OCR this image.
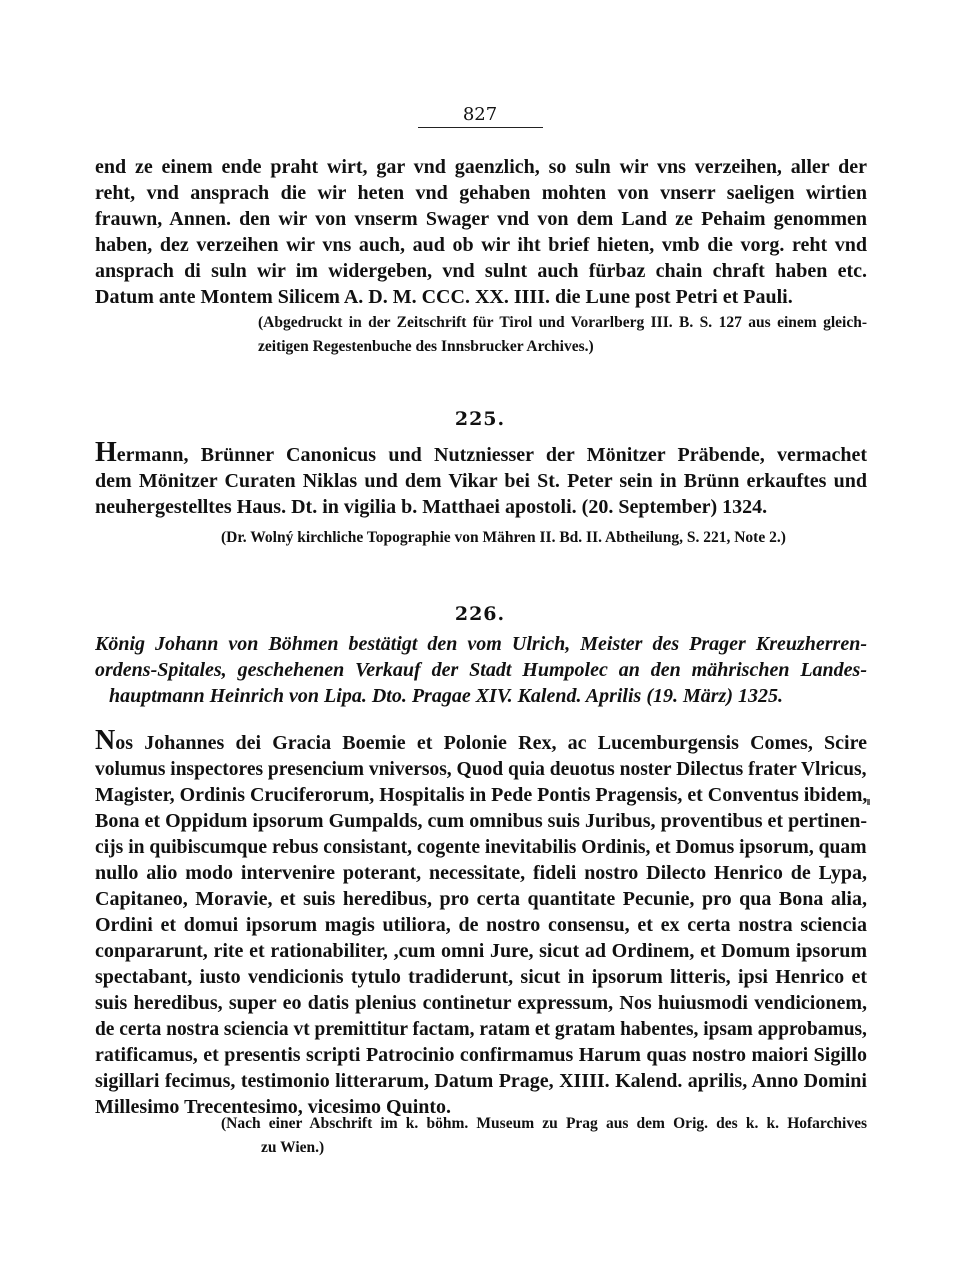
827
end ze einem ende praht wirt, gar vnd gaenzlich, so suln wir vns verzeihen, aller der
reht, vnd ansprach die wir heten vnd gehaben mohten von vnserr saeligen wirtien
frauwn, Annen. den wir von vnserm Swager vnd von dem Land ze Pehaim genommen
haben, dez verzeihen wir vns auch, aud ob wir iht brief hieten, vmb die vorg. reht vnd
ansprach di suln wir im widergeben, vnd sulnt auch fürbaz chain chraft haben etc.
Datum ante Montem Silicem A. D. M. CCC. XX. IIII. die Lune post Petri et Pauli.
(Abgedruckt in der Zeitschrift für Tirol und Vorarlberg III. B. S. 127 aus einem gleich-
zeitigen Regestenbuche des Innsbrucker Archives.)
225.
Hermann, Brünner Canonicus und Nutzniesser der Mönitzer Präbende, vermachet
dem Mönitzer Curaten Niklas und dem Vikar bei St. Peter sein in Brünn erkauftes und
neuhergestelltes Haus. Dt. in vigilia b. Matthaei apostoli. (20. September) 1324.
(Dr. Wolný kirchliche Topographie von Mähren II. Bd. II. Abtheilung, S. 221, Note 2.)
226.
König Johann von Böhmen bestätigt den vom Ulrich, Meister des Prager Kreuzherren-
ordens-Spitales, geschehenen Verkauf der Stadt Humpolec an den mährischen Landes-
hauptmann Heinrich von Lipa. Dto. Pragae XIV. Kalend. Aprilis (19. März) 1325.
Nos Johannes dei Gracia Boemie et Polonie Rex, ac Lucemburgensis Comes, Scire
volumus inspectores presencium vniversos, Quod quia deuotus noster Dilectus frater Vlricus,
Magister, Ordinis Cruciferorum, Hospitalis in Pede Pontis Pragensis, et Conventus ibidem,
Bona et Oppidum ipsorum Gumpalds, cum omnibus suis Juribus, proventibus et pertinen-
cijs in quibiscumque rebus consistant, cogente inevitabilis Ordinis, et Domus ipsorum, quam
nullo alio modo intervenire poterant, necessitate, fideli nostro Dilecto Henrico de Lypa,
Capitaneo, Moravie, et suis heredibus, pro certa quantitate Pecunie, pro qua Bona alia,
Ordini et domui ipsorum magis utiliora, de nostro consensu, et ex certa nostra sciencia
conpararunt, rite et rationabiliter, ,cum omni Jure, sicut ad Ordinem, et Domum ipsorum
spectabant, iusto vendicionis tytulo tradiderunt, sicut in ipsorum litteris, ipsi Henrico et
suis heredibus, super eo datis plenius continetur expressum, Nos huiusmodi vendicionem,
de certa nostra sciencia vt premittitur factam, ratam et gratam habentes, ipsam approbamus,
ratificamus, et presentis scripti Patrocinio confirmamus Harum quas nostro maiori Sigillo
sigillari fecimus, testimonio litterarum, Datum Prage, XIIII. Kalend. aprilis, Anno Domini
Millesimo Trecentesimo, vicesimo Quinto.
(Nach einer Abschrift im k. böhm. Museum zu Prag aus dem Orig. des k. k. Hofarchives
zu Wien.)
